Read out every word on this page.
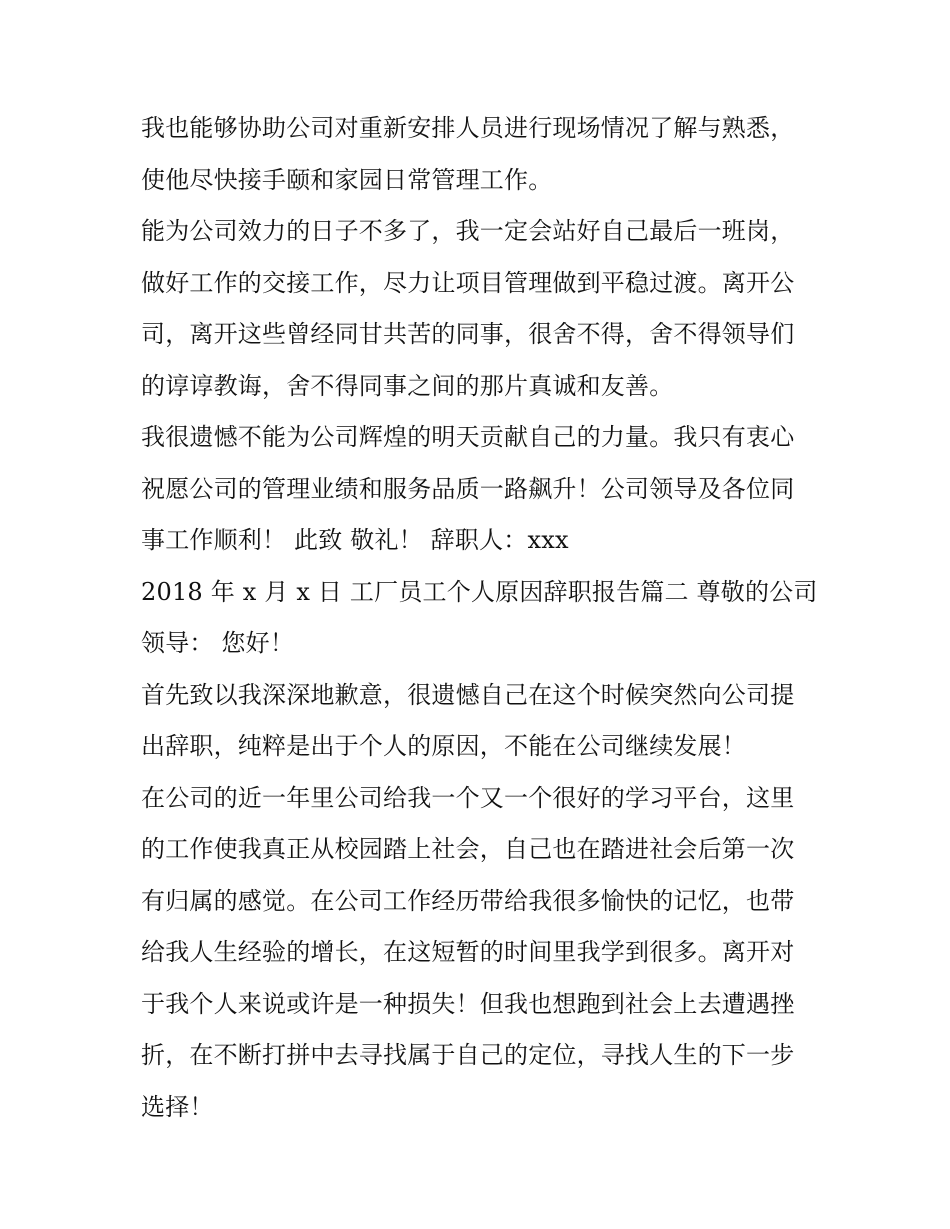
我也能够协助公司对重新安排人员进行现场情况了解与熟悉，
使他尽快接手颐和家园日常管理工作。
能为公司效力的日子不多了，我一定会站好自己最后一班岗，
做好工作的交接工作，尽力让项目管理做到平稳过渡。离开公
司，离开这些曾经同甘共苦的同事，很舍不得，舍不得领导们
的谆谆教诲，舍不得同事之间的那片真诚和友善。
我很遗憾不能为公司辉煌的明天贡献自己的力量。我只有衷心
祝愿公司的管理业绩和服务品质一路飙升！公司领导及各位同
事工作顺利！ 此致 敬礼！ 辞职人：xxx
2018 年 x 月 x 日 工厂员工个人原因辞职报告篇二 尊敬的公司
领导： 您好！
首先致以我深深地歉意，很遗憾自己在这个时候突然向公司提
出辞职，纯粹是出于个人的原因，不能在公司继续发展！
在公司的近一年里公司给我一个又一个很好的学习平台，这里
的工作使我真正从校园踏上社会，自己也在踏进社会后第一次
有归属的感觉。在公司工作经历带给我很多愉快的记忆，也带
给我人生经验的增长，在这短暂的时间里我学到很多。离开对
于我个人来说或许是一种损失！但我也想跑到社会上去遭遇挫
折，在不断打拼中去寻找属于自己的定位，寻找人生的下一步
选择！
